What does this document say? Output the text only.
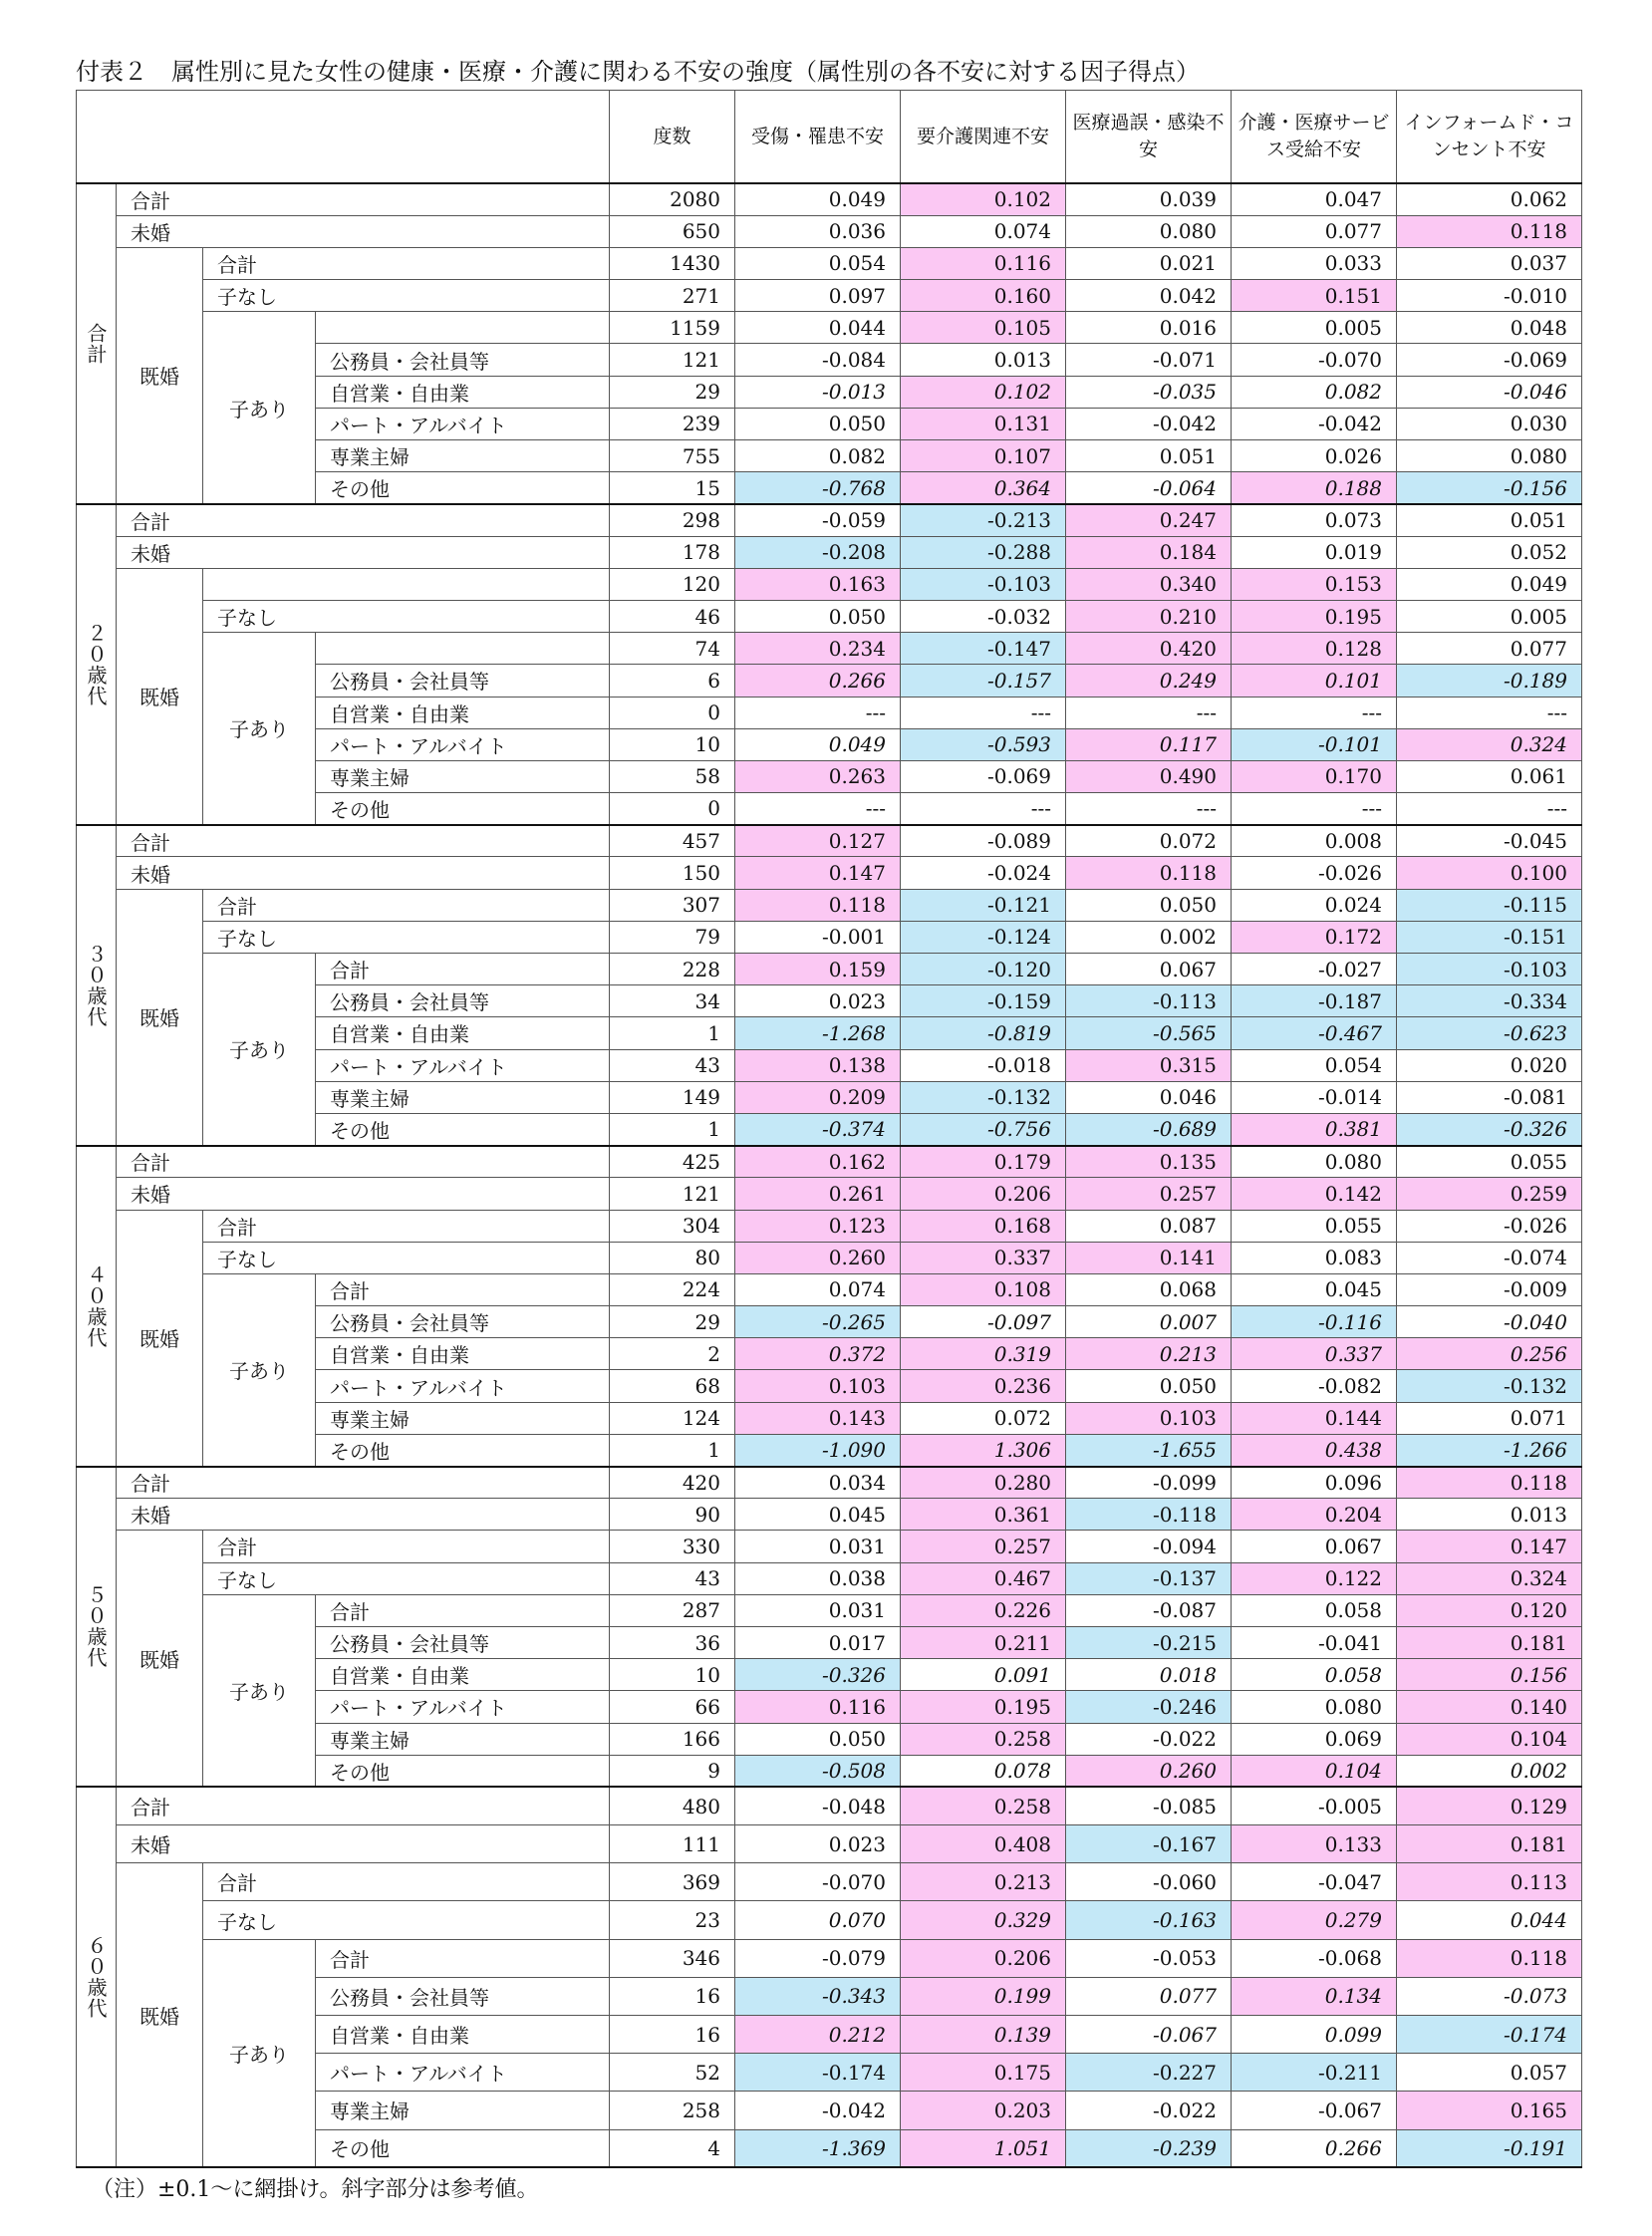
付表２　属性別に見た女性の健康・医療・介護に関わる不安の強度（属性別の各不安に対する因子得点）
				度数	受傷・罹患不安	要介護関連不安	医療過誤・感染不安	介護・医療サービス受給不安	インフォームド・コンセント不安
合計	合計			2080	0.049	0.102	0.039	0.047	0.062
	未婚			650	0.036	0.074	0.080	0.077	0.118
	既婚	合計		1430	0.054	0.116	0.021	0.033	0.037
		子なし		271	0.097	0.160	0.042	0.151	-0.010
		子あり		1159	0.044	0.105	0.016	0.005	0.048
			公務員・会社員等	121	-0.084	0.013	-0.071	-0.070	-0.069
			自営業・自由業	29	-0.013	0.102	-0.035	0.082	-0.046
			パート・アルバイト	239	0.050	0.131	-0.042	-0.042	0.030
			専業主婦	755	0.082	0.107	0.051	0.026	0.080
			その他	15	-0.768	0.364	-0.064	0.188	-0.156
２０歳代	合計			298	-0.059	-0.213	0.247	0.073	0.051
	未婚			178	-0.208	-0.288	0.184	0.019	0.052
	既婚			120	0.163	-0.103	0.340	0.153	0.049
		子なし		46	0.050	-0.032	0.210	0.195	0.005
		子あり		74	0.234	-0.147	0.420	0.128	0.077
			公務員・会社員等	6	0.266	-0.157	0.249	0.101	-0.189
			自営業・自由業	0	---	---	---	---	---
			パート・アルバイト	10	0.049	-0.593	0.117	-0.101	0.324
			専業主婦	58	0.263	-0.069	0.490	0.170	0.061
			その他	0	---	---	---	---	---
３０歳代	合計			457	0.127	-0.089	0.072	0.008	-0.045
	未婚			150	0.147	-0.024	0.118	-0.026	0.100
	既婚	合計		307	0.118	-0.121	0.050	0.024	-0.115
		子なし		79	-0.001	-0.124	0.002	0.172	-0.151
		子あり	合計	228	0.159	-0.120	0.067	-0.027	-0.103
			公務員・会社員等	34	0.023	-0.159	-0.113	-0.187	-0.334
			自営業・自由業	1	-1.268	-0.819	-0.565	-0.467	-0.623
			パート・アルバイト	43	0.138	-0.018	0.315	0.054	0.020
			専業主婦	149	0.209	-0.132	0.046	-0.014	-0.081
			その他	1	-0.374	-0.756	-0.689	0.381	-0.326
４０歳代	合計			425	0.162	0.179	0.135	0.080	0.055
	未婚			121	0.261	0.206	0.257	0.142	0.259
	既婚	合計		304	0.123	0.168	0.087	0.055	-0.026
		子なし		80	0.260	0.337	0.141	0.083	-0.074
		子あり	合計	224	0.074	0.108	0.068	0.045	-0.009
			公務員・会社員等	29	-0.265	-0.097	0.007	-0.116	-0.040
			自営業・自由業	2	0.372	0.319	0.213	0.337	0.256
			パート・アルバイト	68	0.103	0.236	0.050	-0.082	-0.132
			専業主婦	124	0.143	0.072	0.103	0.144	0.071
			その他	1	-1.090	1.306	-1.655	0.438	-1.266
５０歳代	合計			420	0.034	0.280	-0.099	0.096	0.118
	未婚			90	0.045	0.361	-0.118	0.204	0.013
	既婚	合計		330	0.031	0.257	-0.094	0.067	0.147
		子なし		43	0.038	0.467	-0.137	0.122	0.324
		子あり	合計	287	0.031	0.226	-0.087	0.058	0.120
			公務員・会社員等	36	0.017	0.211	-0.215	-0.041	0.181
			自営業・自由業	10	-0.326	0.091	0.018	0.058	0.156
			パート・アルバイト	66	0.116	0.195	-0.246	0.080	0.140
			専業主婦	166	0.050	0.258	-0.022	0.069	0.104
			その他	9	-0.508	0.078	0.260	0.104	0.002
６０歳代	合計			480	-0.048	0.258	-0.085	-0.005	0.129
	未婚			111	0.023	0.408	-0.167	0.133	0.181
	既婚	合計		369	-0.070	0.213	-0.060	-0.047	0.113
		子なし		23	0.070	0.329	-0.163	0.279	0.044
		子あり	合計	346	-0.079	0.206	-0.053	-0.068	0.118
			公務員・会社員等	16	-0.343	0.199	0.077	0.134	-0.073
			自営業・自由業	16	0.212	0.139	-0.067	0.099	-0.174
			パート・アルバイト	52	-0.174	0.175	-0.227	-0.211	0.057
			専業主婦	258	-0.042	0.203	-0.022	-0.067	0.165
			その他	4	-1.369	1.051	-0.239	0.266	-0.191
（注）±0.1〜に網掛け。斜字部分は参考値。
